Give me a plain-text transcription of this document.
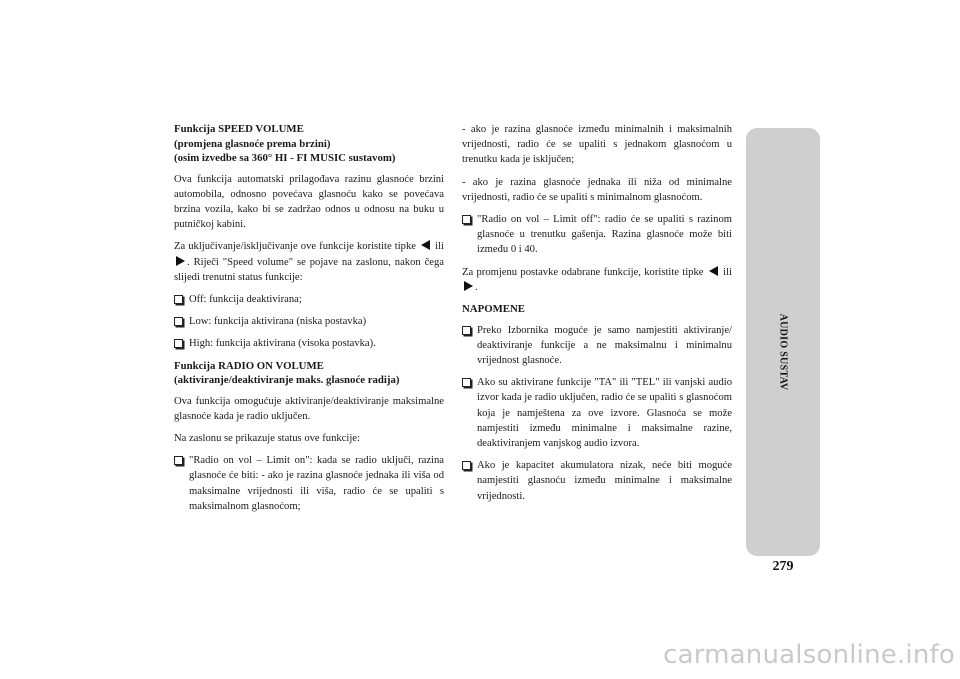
Funkcija SPEED VOLUME
(promjena glasnoće prema brzini)
(osim izvedbe sa 360° HI - FI MUSIC sustavom)

Ova funkcija automatski prilagođava razinu glasnoće brzini automobila, odnosno povećava glasnoću kako se povećava brzina vozila, kako bi se zadržao odnos u odnosu na buku u putničkoj kabini.

Za uključivanje/isključivanje ove funkcije koristite tipke ili . Riječi "Speed volume" se pojave na zaslonu, nakon čega slijedi trenutni status funkcije:

Off: funkcija deaktivirana;
Low: funkcija aktivirana (niska postavka)
High: funkcija aktivirana (visoka postavka).
Funkcija RADIO ON VOLUME
(aktiviranje/deaktiviranje maks. glasnoće radija)

Ova funkcija omogućuje aktiviranje/deaktiviranje maksimalne glasnoće kada je radio uključen.

Na zaslonu se prikazuje status ove funkcije:

"Radio on vol – Limit on": kada se radio uključi, razina glasnoće će biti: - ako je razina glasnoće jednaka ili viša od maksimalne vrijednosti ili viša, radio će se upaliti s maksimalnom glasnoćom;

- ako je razina glasnoće između minimalnih i maksimalnih vrijednosti, radio će se upaliti s jednakom glasnoćom u trenutku kada je isključen;

- ako je razina glasnoće jednaka ili niža od minimalne vrijednosti, radio će se upaliti s minimalnom glasnoćom.

"Radio on vol – Limit off": radio će se upaliti s razinom glasnoće u trenutku gašenja. Razina glasnoće može biti između 0 i 40.

Za promjenu postavke odabrane funkcije, koristite tipke ili .

NAPOMENE
Preko Izbornika moguće je samo namjestiti aktiviranje/ deaktiviranje funkcije a ne maksimalnu i minimalnu vrijednost glasnoće.
Ako su aktivirane funkcije "TA" ili "TEL" ili vanjski audio izvor kada je radio uključen, radio će se upaliti s glasnoćom koja je namještena za ove izvore. Glasnoća se može namjestiti između minimalne i maksimalne razine, deaktiviranjem vanjskog audio izvora.
Ako je kapacitet akumulatora nizak, neće biti moguće namjestiti glasnoću između minimalne i maksimalne vrijednosti.
AUDIO SUSTAV
279
carmanualsonline.info
